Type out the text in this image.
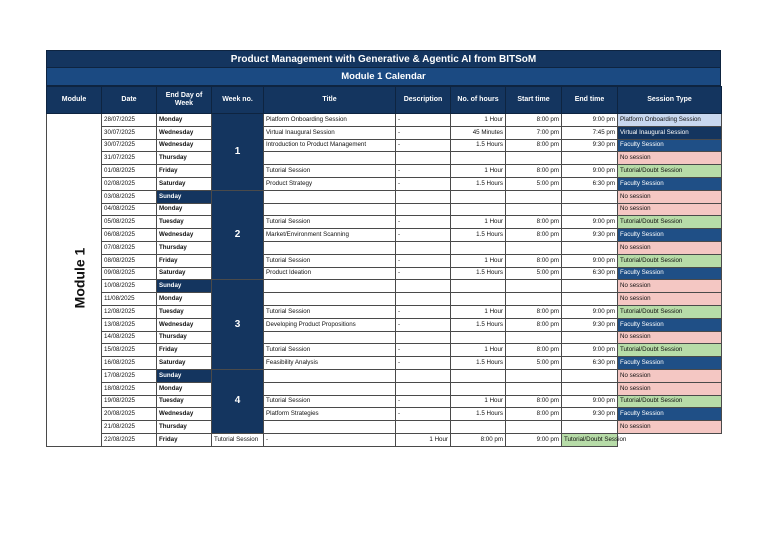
Product Management with Generative & Agentic AI from BITSoM
Module 1 Calendar
Module	Date	End Day of Week	Week no.	Title	Description	No. of hours	Start time	End time	Session Type
Module 1	28/07/2025	Monday	1	Platform Onboarding Session	-	1 Hour	8:00 pm	9:00 pm	Platform Onboarding Session
	30/07/2025	Wednesday		Virtual Inaugural Session	-	45 Minutes	7:00 pm	7:45 pm	Virtual Inaugural Session
	30/07/2025	Wednesday		Introduction to Product Management	-	1.5 Hours	8:00 pm	9:30 pm	Faculty Session
	31/07/2025	Thursday							No session
	01/08/2025	Friday		Tutorial Session	-	1 Hour	8:00 pm	9:00 pm	Tutorial/Doubt Session
	02/08/2025	Saturday		Product Strategy	-	1.5 Hours	5:00 pm	6:30 pm	Faculty Session
	03/08/2025	Sunday	2						No session
	04/08/2025	Monday							No session
	05/08/2025	Tuesday		Tutorial Session	-	1 Hour	8:00 pm	9:00 pm	Tutorial/Doubt Session
	06/08/2025	Wednesday		Market/Environment Scanning	-	1.5 Hours	8:00 pm	9:30 pm	Faculty Session
	07/08/2025	Thursday							No session
	08/08/2025	Friday		Tutorial Session	-	1 Hour	8:00 pm	9:00 pm	Tutorial/Doubt Session
	09/08/2025	Saturday		Product Ideation	-	1.5 Hours	5:00 pm	6:30 pm	Faculty Session
	10/08/2025	Sunday	3						No session
	11/08/2025	Monday							No session
	12/08/2025	Tuesday		Tutorial Session	-	1 Hour	8:00 pm	9:00 pm	Tutorial/Doubt Session
	13/08/2025	Wednesday		Developing Product Propositions	-	1.5 Hours	8:00 pm	9:30 pm	Faculty Session
	14/08/2025	Thursday							No session
	15/08/2025	Friday		Tutorial Session	-	1 Hour	8:00 pm	9:00 pm	Tutorial/Doubt Session
	16/08/2025	Saturday		Feasibility Analysis	-	1.5 Hours	5:00 pm	6:30 pm	Faculty Session
	17/08/2025	Sunday	4						No session
	18/08/2025	Monday							No session
	19/08/2025	Tuesday		Tutorial Session	-	1 Hour	8:00 pm	9:00 pm	Tutorial/Doubt Session
	20/08/2025	Wednesday		Platform Strategies	-	1.5 Hours	8:00 pm	9:30 pm	Faculty Session
	21/08/2025	Thursday							No session
	22/08/2025	Friday	Tutorial Session	-	1 Hour	8:00 pm	9:00 pm	Tutorial/Doubt Session	
